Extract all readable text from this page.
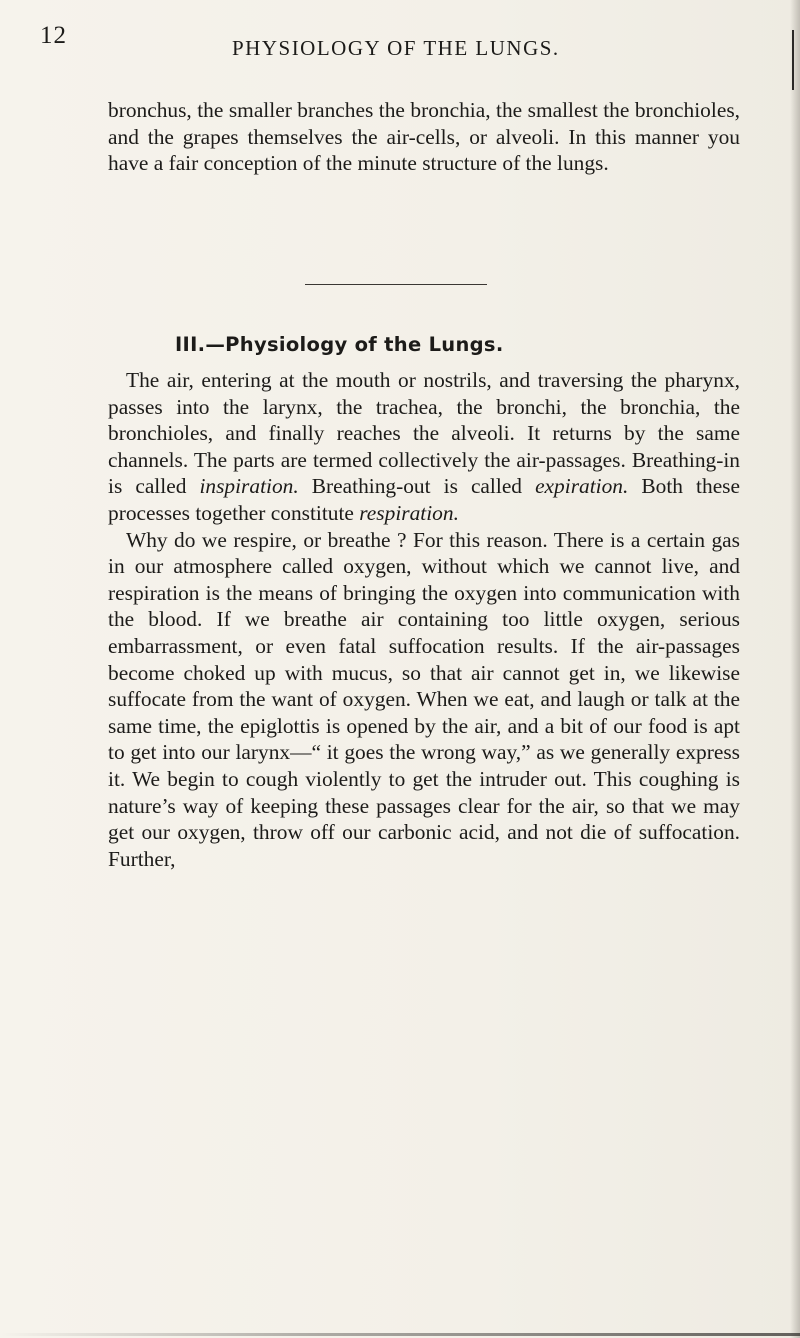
12	PHYSIOLOGY OF THE LUNGS.
bronchus, the smaller branches the bronchia, the smallest the bronchioles, and the grapes themselves the air-cells, or alveoli. In this manner you have a fair conception of the minute structure of the lungs.
III.—Physiology of the Lungs.

The air, entering at the mouth or nostrils, and traversing the pharynx, passes into the larynx, the trachea, the bronchi, the bronchia, the bronchioles, and finally reaches the alveoli. It returns by the same channels. The parts are termed collectively the air-passages. Breathing-in is called inspiration. Breathing-out is called expiration. Both these processes together constitute respiration.

Why do we respire, or breathe ? For this reason. There is a certain gas in our atmosphere called oxygen, without which we cannot live, and respiration is the means of bringing the oxygen into communication with the blood. If we breathe air containing too little oxygen, serious embarrassment, or even fatal suffocation results. If the air-passages become choked up with mucus, so that air cannot get in, we likewise suffocate from the want of oxygen. When we eat, and laugh or talk at the same time, the epiglottis is opened by the air, and a bit of our food is apt to get into our larynx—“ it goes the wrong way,” as we generally express it. We begin to cough violently to get the intruder out. This coughing is nature’s way of keeping these passages clear for the air, so that we may get our oxygen, throw off our carbonic acid, and not die of suffocation. Further,
